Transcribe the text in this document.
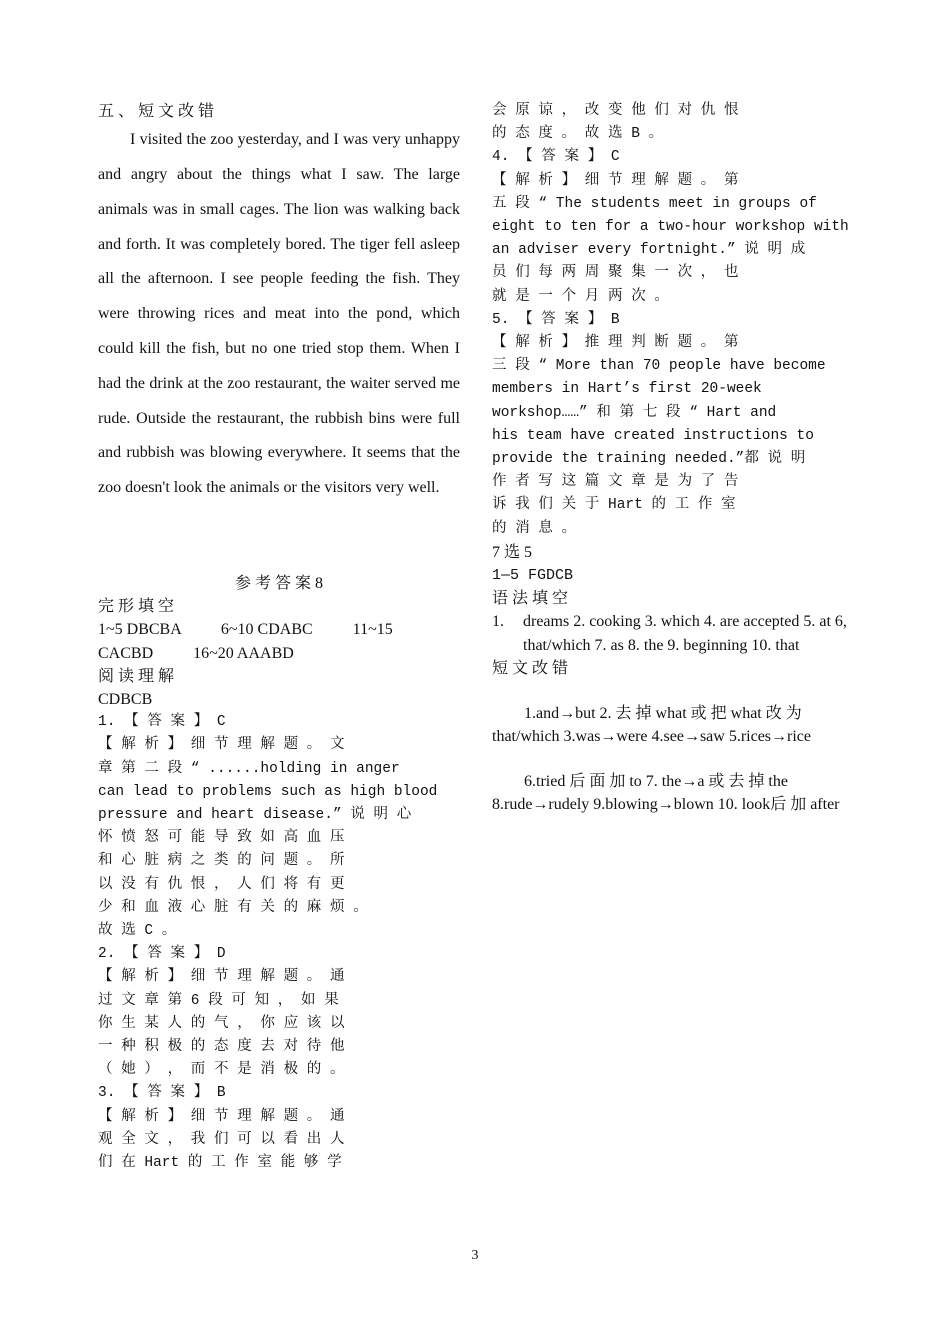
五 、 短 文 改 错

I visited the zoo yesterday, and I was very unhappy and angry about the things what I saw. The large animals was in small cages. The lion was walking back and forth. It was completely bored. The tiger fell asleep all the afternoon. I see people feeding the fish. They were throwing rices and meat into the pond, which could kill the fish, but no one tried stop them. When I had the drink at the zoo restaurant, the waiter served me rude. Outside the restaurant, the rubbish bins were full and rubbish was blowing everywhere. It seems that the zoo doesn't look the animals or the visitors very well.

参 考 答 案 8
完 形 填 空
1~5 DBCBA          6~10 CDABC          11~15
CACBD          16~20 AAABD
阅 读 理 解
CDBCB
1. 【 答 案 】 C
【 解 析 】 细 节 理 解 题 。 文
章 第 二 段 “ ......holding in anger
can lead to problems such as high blood
pressure and heart disease.” 说 明 心
怀 愤 怒 可 能 导 致 如 高 血 压
和 心 脏 病 之 类 的 问 题 。 所
以 没 有 仇 恨 ， 人 们 将 有 更
少 和 血 液 心 脏 有 关 的 麻 烦 。
故 选 C 。
2. 【 答 案 】 D
【 解 析 】 细 节 理 解 题 。 通
过 文 章 第 6 段 可 知 ， 如 果
你 生 某 人 的 气 ， 你 应 该 以
一 种 积 极 的 态 度 去 对 待 他
（ 她 ） ， 而 不 是 消 极 的 。
3. 【 答 案 】 B
【 解 析 】 细 节 理 解 题 。 通
观 全 文 ， 我 们 可 以 看 出 人
们 在 Hart 的 工 作 室 能 够 学
会 原 谅 ， 改 变 他 们 对 仇 恨
的 态 度 。 故 选 B 。
4. 【 答 案 】 C
【 解 析 】 细 节 理 解 题 。 第
五 段 “ The students meet in groups of
eight to ten for a two-hour workshop with
an adviser every fortnight.” 说 明 成
员 们 每 两 周 聚 集 一 次 ， 也
就 是 一 个 月 两 次 。
5. 【 答 案 】 B
【 解 析 】 推 理 判 断 题 。 第
三 段 “ More than 70 people have become
members in Hart’s first 20-week
workshop……” 和 第 七 段 “ Hart and
his team have created instructions to
provide the training needed.”都 说 明
作 者 写 这 篇 文 章 是 为 了 告
诉 我 们 关 于 Hart 的 工 作 室
的 消 息 。
7 选 5
1—5 FGDCB
语 法 填 空
1.	dreams 2. cooking 3. which 4. are accepted 5. at 6, that/which 7. as 8. the 9. beginning 10. that
短 文 改 错
1.and→but 2. 去 掉 what 或 把 what 改 为 that/which 3.was→were 4.see→saw 5.rices→rice
6.tried 后 面 加 to 7. the→a 或 去 掉 the 8.rude→rudely 9.blowing→blown 10. look后 加 after
3
